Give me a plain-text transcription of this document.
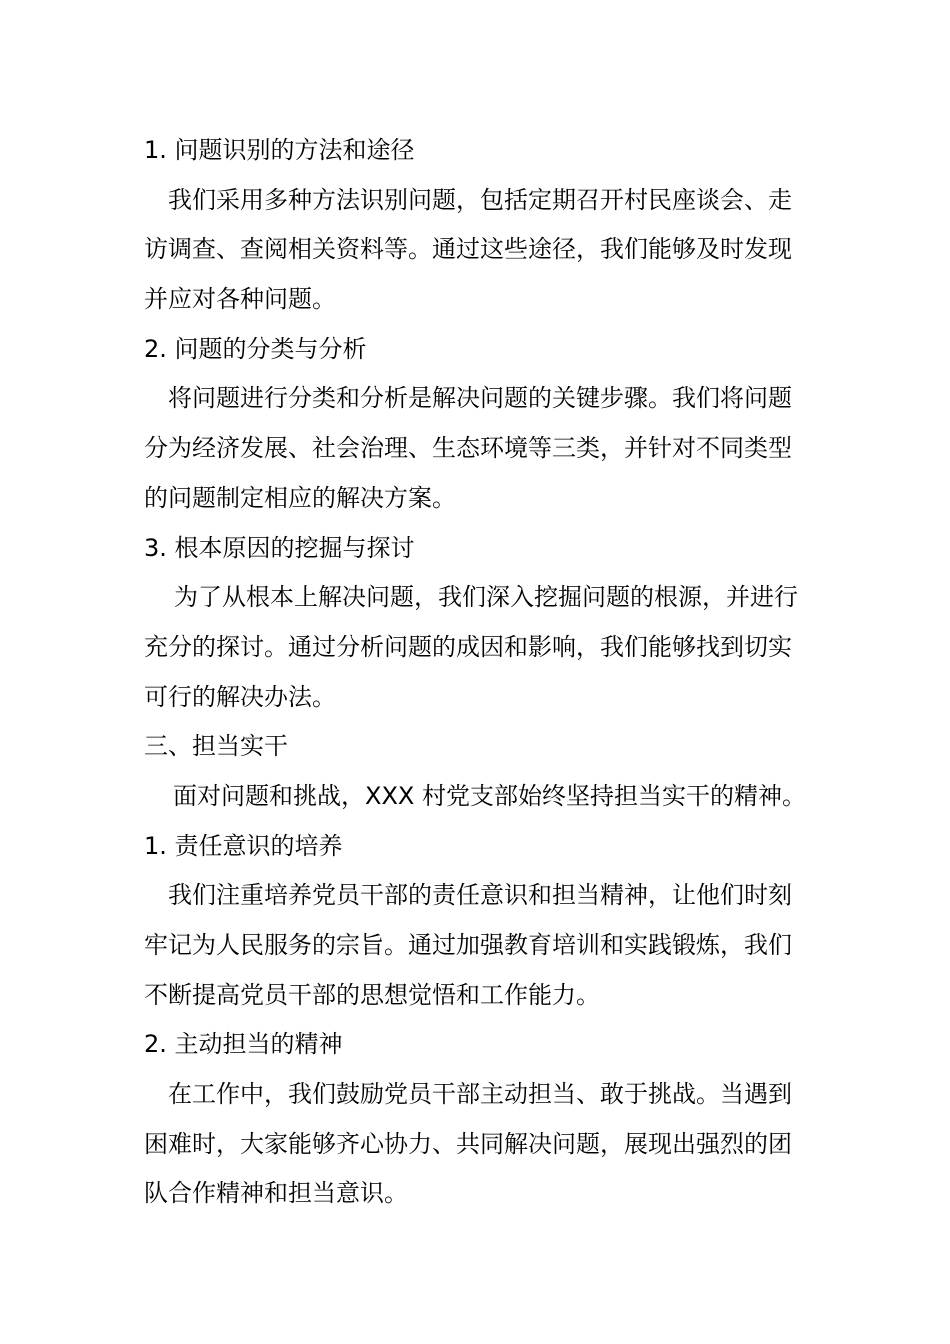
1. 问题识别的方法和途径
我们采用多种方法识别问题，包括定期召开村民座谈会、走
访调查、查阅相关资料等。通过这些途径，我们能够及时发现
并应对各种问题。
2. 问题的分类与分析
将问题进行分类和分析是解决问题的关键步骤。我们将问题
分为经济发展、社会治理、生态环境等三类，并针对不同类型
的问题制定相应的解决方案。
3. 根本原因的挖掘与探讨
为了从根本上解决问题，我们深入挖掘问题的根源，并进行
充分的探讨。通过分析问题的成因和影响，我们能够找到切实
可行的解决办法。
三、担当实干
面对问题和挑战，XXX 村党支部始终坚持担当实干的精神。
1. 责任意识的培养
我们注重培养党员干部的责任意识和担当精神，让他们时刻
牢记为人民服务的宗旨。通过加强教育培训和实践锻炼，我们
不断提高党员干部的思想觉悟和工作能力。
2. 主动担当的精神
在工作中，我们鼓励党员干部主动担当、敢于挑战。当遇到
困难时，大家能够齐心协力、共同解决问题，展现出强烈的团
队合作精神和担当意识。
